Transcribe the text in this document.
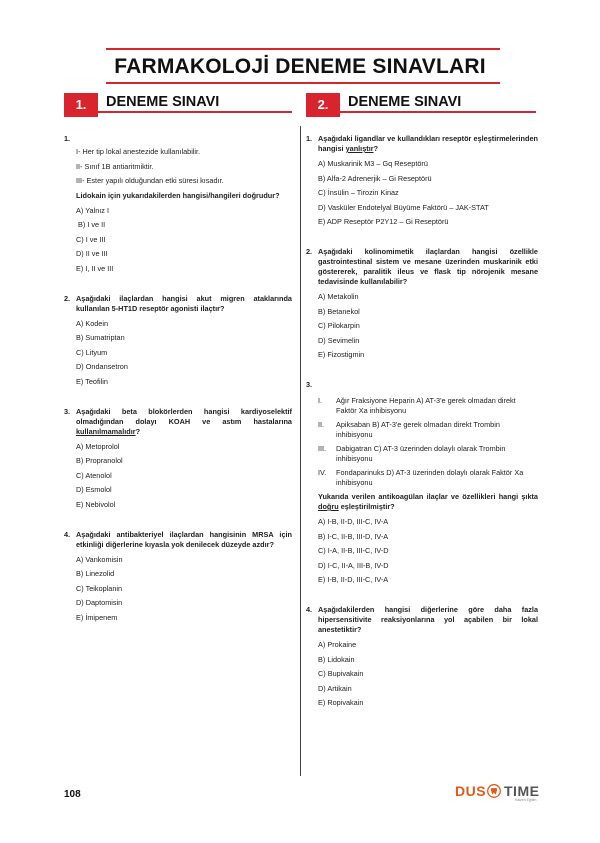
FARMAKOLOJİ DENEME SINAVLARI
1.	DENEME SINAVI	2.	DENEME SINAVI
1.
I- Her tip lokal anestezide kullanılabilir.
II- Sınıf 1B antiaritmiktir.
III- Ester yapılı olduğundan etki süresi kısadır.
Lidokain için yukarıdakilerden hangisi/hangileri doğrudur?
A) Yalnız I
B) I ve II
C) I ve III
D) II ve III
E) I, II ve III
2. Aşağıdaki ilaçlardan hangisi akut migren ataklarında kullanılan 5-HT1D reseptör agonisti ilaçtır?
A) Kodein
B) Sumatriptan
C) Lityum
D) Ondansetron
E) Teofilin
3. Aşağıdaki beta blokörlerden hangisi kardiyoselektif olmadığından dolayı KOAH ve astım hastalarına kullanılmamalıdır?
A) Metoprolol
B) Propranolol
C) Atenolol
D) Esmolol
E) Nebivolol
4. Aşağıdaki antibakteriyel ilaçlardan hangisinin MRSA için etkinliği diğerlerine kıyasla yok denilecek düzeyde azdır?
A) Vankomisin
B) Linezolid
C) Teikoplanin
D) Daptomisin
E) İmipenem
1. Aşağıdaki ligandlar ve kullandıkları reseptör eşleştirmelerinden hangisi yanlıştır?
A) Muskarinik M3 – Gq Reseptörü
B) Alfa-2 Adrenerjik – Gi Reseptörü
C) İnsülin – Tirozin Kinaz
D) Vasküler Endotelyal Büyüme Faktörü – JAK-STAT
E) ADP Reseptör P2Y12 – Gi Reseptörü
2. Aşağıdaki kolinomimetik ilaçlardan hangisi özellikle gastrointestinal sistem ve mesane üzerinden muskarinik etki göstererek, paralitik ileus ve flask tip nörojenik mesane tedavisinde kullanılabilir?
A) Metakolin
B) Betanekol
C) Pilokarpin
D) Sevimelin
E) Fizostigmin
3.
I.	Ağır Fraksiyone Heparin A) AT-3'e gerek olmadan direkt Faktör Xa inhibisyonu
II.	Apiksaban B) AT-3'e gerek olmadan direkt Trombin inhibisyonu
III.	Dabigatran C) AT-3 üzerinden dolaylı olarak Trombin inhibisyonu
IV.	Fondaparinuks D) AT-3 üzerinden dolaylı olarak Faktör Xa inhibisyonu
Yukarıda verilen antikoagülan ilaçlar ve özellikleri hangi şıkta doğru eşleştirilmiştir?
A) I-B, II-D, III-C, IV-A
B) I-C, II-B, III-D, IV-A
C) I-A, II-B, III-C, IV-D
D) I-C, II-A, III-B, IV-D
E) I-B, II-D, III-C, IV-A
4. Aşağıdakilerden hangisi diğerlerine göre daha fazla hipersensitivite reaksiyonlarına yol açabilen bir lokal anestetiktir?
A) Prokaine
B) Lidokain
C) Bupivakain
D) Artikain
E) Ropivakain
108	DUS TIME
Kaizen Eğitim
